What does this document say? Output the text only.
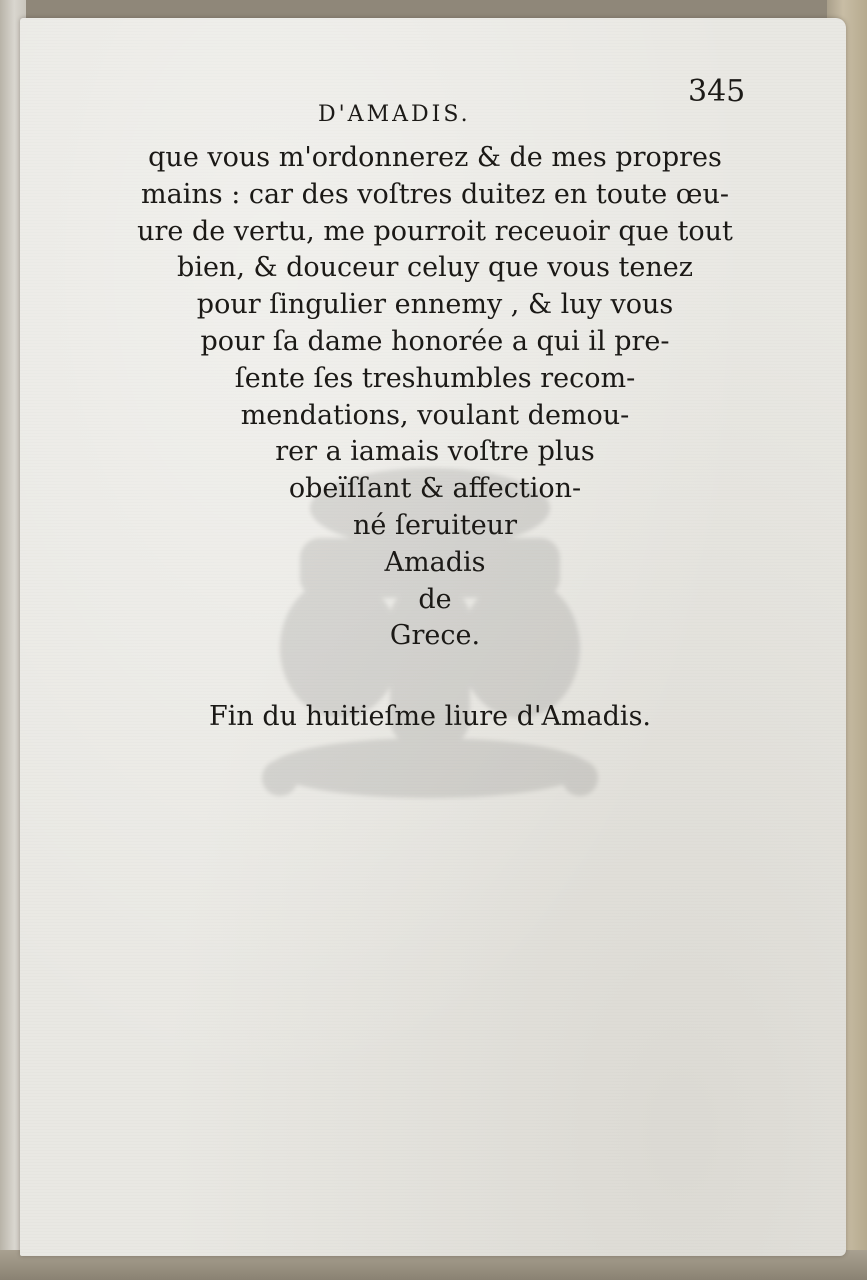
345
D'AMADIS.
que vous m'ordonnerez & de mes propres
mains : car des voſtres duitez en toute œu-
ure de vertu, me pourroit receuoir que tout
bien, & douceur celuy que vous tenez
pour ſingulier ennemy , & luy vous
pour ſa dame honorée a qui il pre-
ſente ſes treshumbles recom-
mendations, voulant demou-
rer a iamais voſtre plus
obeïſſant & affection-
né ſeruiteur
Amadis
de
Grece.
Fin du huitieſme liure d'Amadis.
